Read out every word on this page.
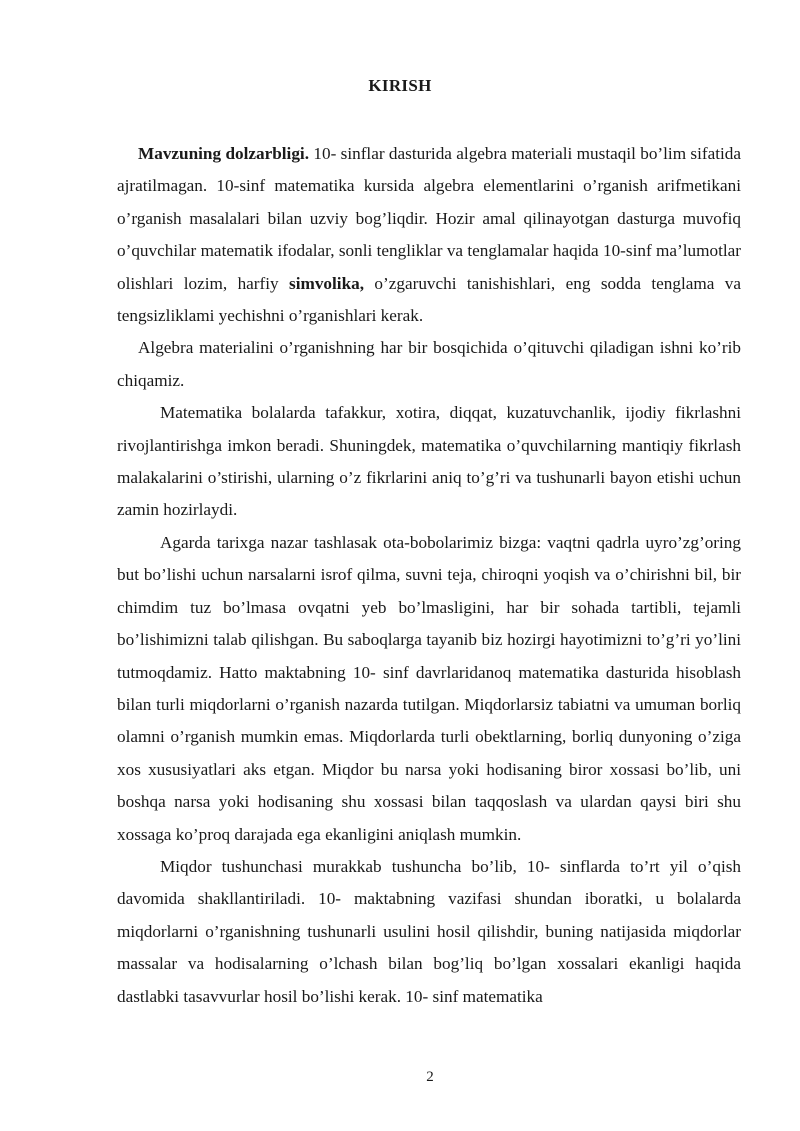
KIRISH

Mavzuning dolzarbligi. 10- sinflar dasturida algebra materiali mustaqil bo’lim sifatida ajratilmagan. 10-sinf matematika kursida algebra elementlarini o’rganish arifmetikani o’rganish masalalari bilan uzviy bog’liqdir. Hozir amal qilinayotgan dasturga muvofiq o’quvchilar matematik ifodalar, sonli tengliklar va tenglamalar haqida 10-sinf ma’lumotlar olishlari lozim, harfiy simvolika, o’zgaruvchi tanishishlari, eng sodda tenglama va tengsizliklami yechishni o’rganishlari kerak.

Algebra materialini o’rganishning har bir bosqichida o’qituvchi qiladigan ishni ko’rib chiqamiz.

Matematika bolalarda tafakkur, xotira, diqqat, kuzatuvchanlik, ijodiy fikrlashni rivojlantirishga imkon beradi. Shuningdek, matematika o’quvchilarning mantiqiy fikrlash malakalarini o’stirishi, ularning o’z fikrlarini aniq to’g’ri va tushunarli bayon etishi uchun zamin hozirlaydi.

Agarda tarixga nazar tashlasak ota-bobolarimiz bizga: vaqtni qadrla uyro’zg’oring but bo’lishi uchun narsalarni isrof qilma, suvni teja, chiroqni yoqish va o’chirishni bil, bir chimdim tuz bo’lmasa ovqatni yeb bo’lmasligini, har bir sohada tartibli, tejamli bo’lishimizni talab qilishgan. Bu saboqlarga tayanib biz hozirgi hayotimizni to’g’ri yo’lini tutmoqdamiz. Hatto maktabning 10- sinf davrlaridanoq matematika dasturida hisoblash bilan turli miqdorlarni o’rganish nazarda tutilgan. Miqdorlarsiz tabiatni va umuman borliq olamni o’rganish mumkin emas. Miqdorlarda turli obektlarning, borliq dunyoning o’ziga xos xususiyatlari aks etgan. Miqdor bu narsa yoki hodisaning biror xossasi bo’lib, uni boshqa narsa yoki hodisaning shu xossasi bilan taqqoslash va ulardan qaysi biri shu xossaga ko’proq darajada ega ekanligini aniqlash mumkin.

Miqdor tushunchasi murakkab tushuncha bo’lib, 10- sinflarda to’rt yil o’qish davomida shakllantiriladi. 10- maktabning vazifasi shundan iboratki, u bolalarda miqdorlarni o’rganishning tushunarli usulini hosil qilishdir, buning natijasida miqdorlar massalar va hodisalarning o’lchash bilan bog’liq bo’lgan xossalari ekanligi haqida dastlabki tasavvurlar hosil bo’lishi kerak. 10- sinf matematika

2
